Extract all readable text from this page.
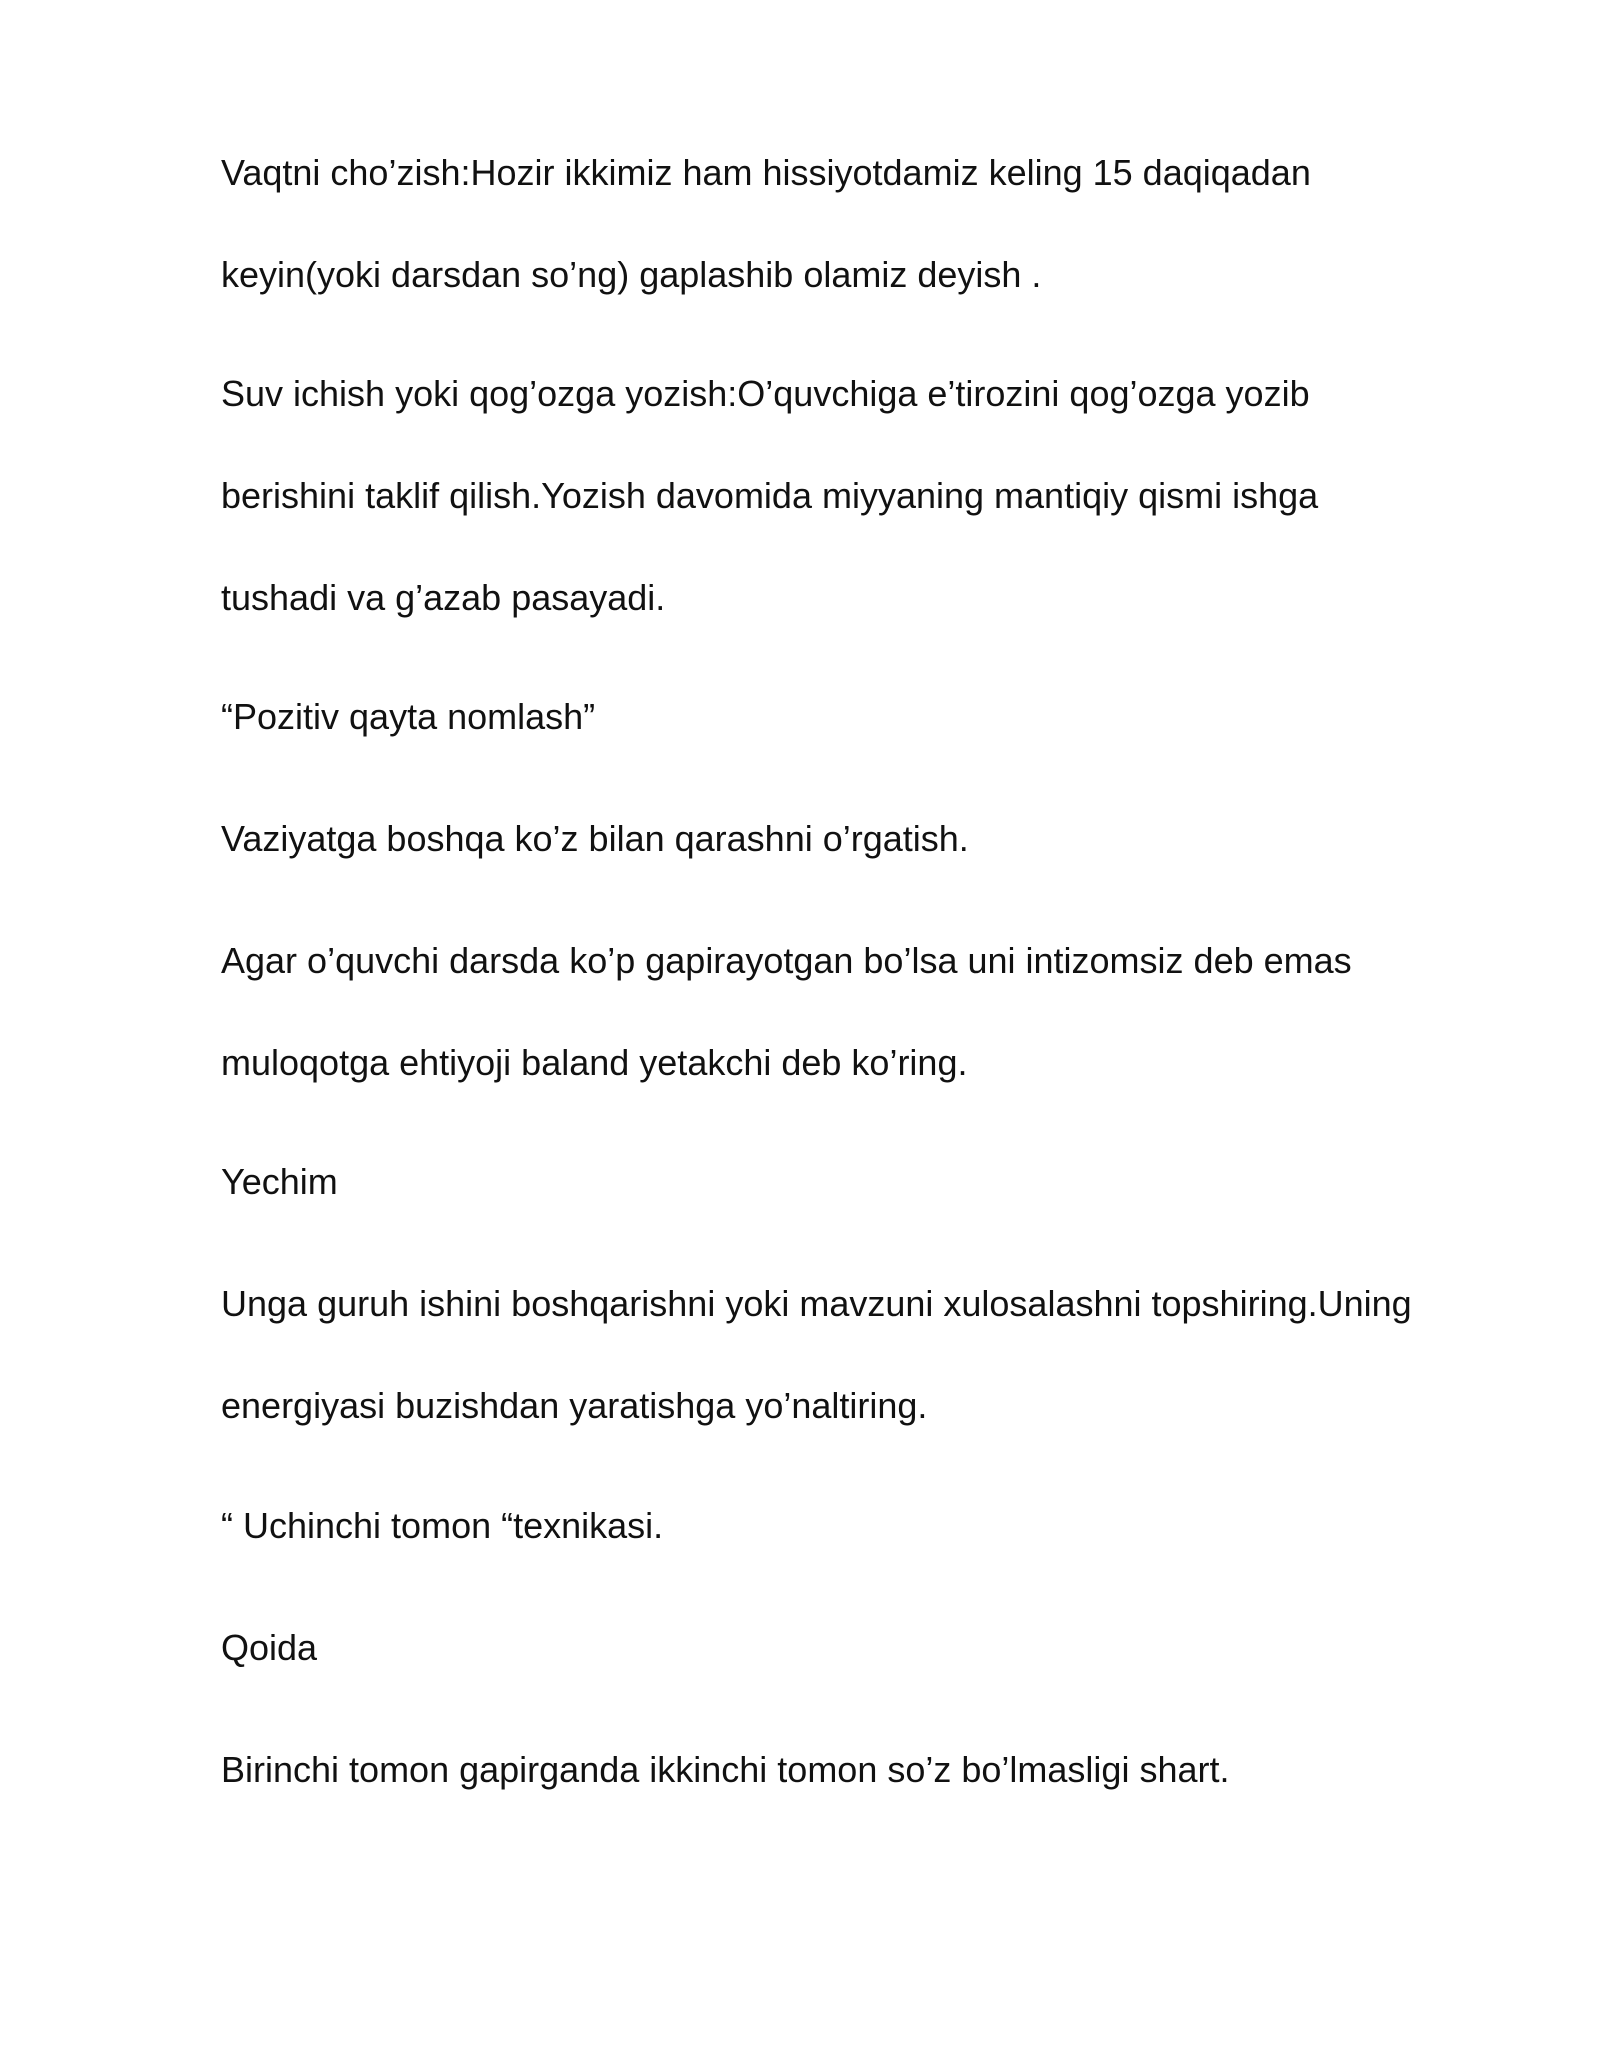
Vaqtni cho’zish:Hozir ikkimiz ham hissiyotdamiz keling 15 daqiqadan
keyin(yoki darsdan so’ng) gaplashib olamiz deyish .

Suv ichish yoki qog’ozga yozish:O’quvchiga e’tirozini qog’ozga yozib
berishini taklif qilish.Yozish davomida miyyaning mantiqiy qismi ishga
tushadi va g’azab pasayadi.

“Pozitiv qayta nomlash”

Vaziyatga boshqa ko’z bilan qarashni o’rgatish.

Agar o’quvchi darsda ko’p gapirayotgan bo’lsa uni intizomsiz deb emas
muloqotga ehtiyoji baland yetakchi deb ko’ring.

Yechim

Unga guruh ishini boshqarishni yoki mavzuni xulosalashni topshiring.Uning
energiyasi buzishdan yaratishga yo’naltiring.

“ Uchinchi tomon “texnikasi.

Qoida

Birinchi tomon gapirganda ikkinchi tomon so’z bo’lmasligi shart.
